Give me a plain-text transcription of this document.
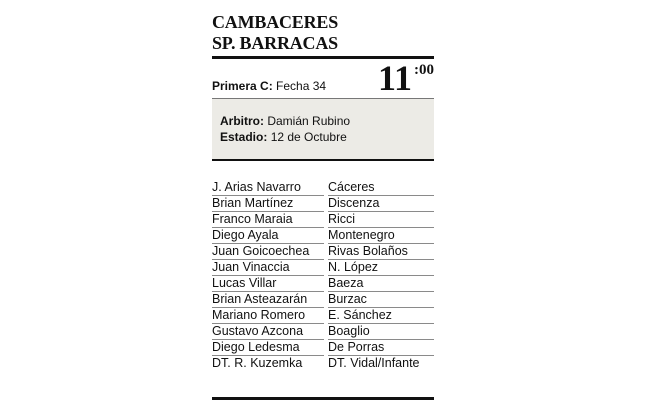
CAMBACERES
SP. BARRACAS
Primera C: Fecha 34 11 :00
Arbitro: Damián Rubino
Estadio: 12 de Octubre
J. Arias Navarro	Cáceres
Brian Martínez	Discenza
Franco Maraia	Ricci
Diego Ayala	Montenegro
Juan Goicoechea	Rivas Bolaños
Juan Vinaccia	N. López
Lucas Villar	Baeza
Brian Asteazarán	Burzac
Mariano Romero	E. Sánchez
Gustavo Azcona	Boaglio
Diego Ledesma	De Porras
DT. R. Kuzemka	DT. Vidal/Infante
